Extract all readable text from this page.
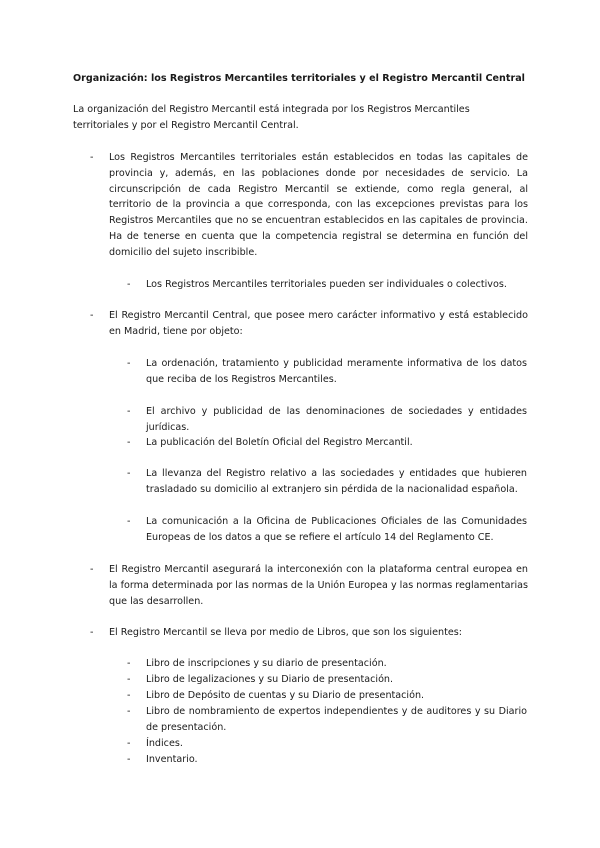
Organización: los Registros Mercantiles territoriales y el Registro Mercantil Central

La organización del Registro Mercantil está integrada por los Registros Mercantiles territoriales y por el Registro Mercantil Central.

- Los Registros Mercantiles territoriales están establecidos en todas las capitales de provincia y, además, en las poblaciones donde por necesidades de servicio. La circunscripción de cada Registro Mercantil se extiende, como regla general, al territorio de la provincia a que corresponda, con las excepciones previstas para los Registros Mercantiles que no se encuentran establecidos en las capitales de provincia. Ha de tenerse en cuenta que la competencia registral se determina en función del domicilio del sujeto inscribible.

- Los Registros Mercantiles territoriales pueden ser individuales o colectivos.

- El Registro Mercantil Central, que posee mero carácter informativo y está establecido en Madrid, tiene por objeto:

- La ordenación, tratamiento y publicidad meramente informativa de los datos que reciba de los Registros Mercantiles.

- El archivo y publicidad de las denominaciones de sociedades y entidades jurídicas.

- La publicación del Boletín Oficial del Registro Mercantil.

- La llevanza del Registro relativo a las sociedades y entidades que hubieren trasladado su domicilio al extranjero sin pérdida de la nacionalidad española.

- La comunicación a la Oficina de Publicaciones Oficiales de las Comunidades Europeas de los datos a que se refiere el artículo 14 del Reglamento CE.

- El Registro Mercantil asegurará la interconexión con la plataforma central europea en la forma determinada por las normas de la Unión Europea y las normas reglamentarias que las desarrollen.

- El Registro Mercantil se lleva por medio de Libros, que son los siguientes:

- Libro de inscripciones y su diario de presentación.

- Libro de legalizaciones y su Diario de presentación.

- Libro de Depósito de cuentas y su Diario de presentación.

- Libro de nombramiento de expertos independientes y de auditores y su Diario de presentación.

- Índices.

- Inventario.
